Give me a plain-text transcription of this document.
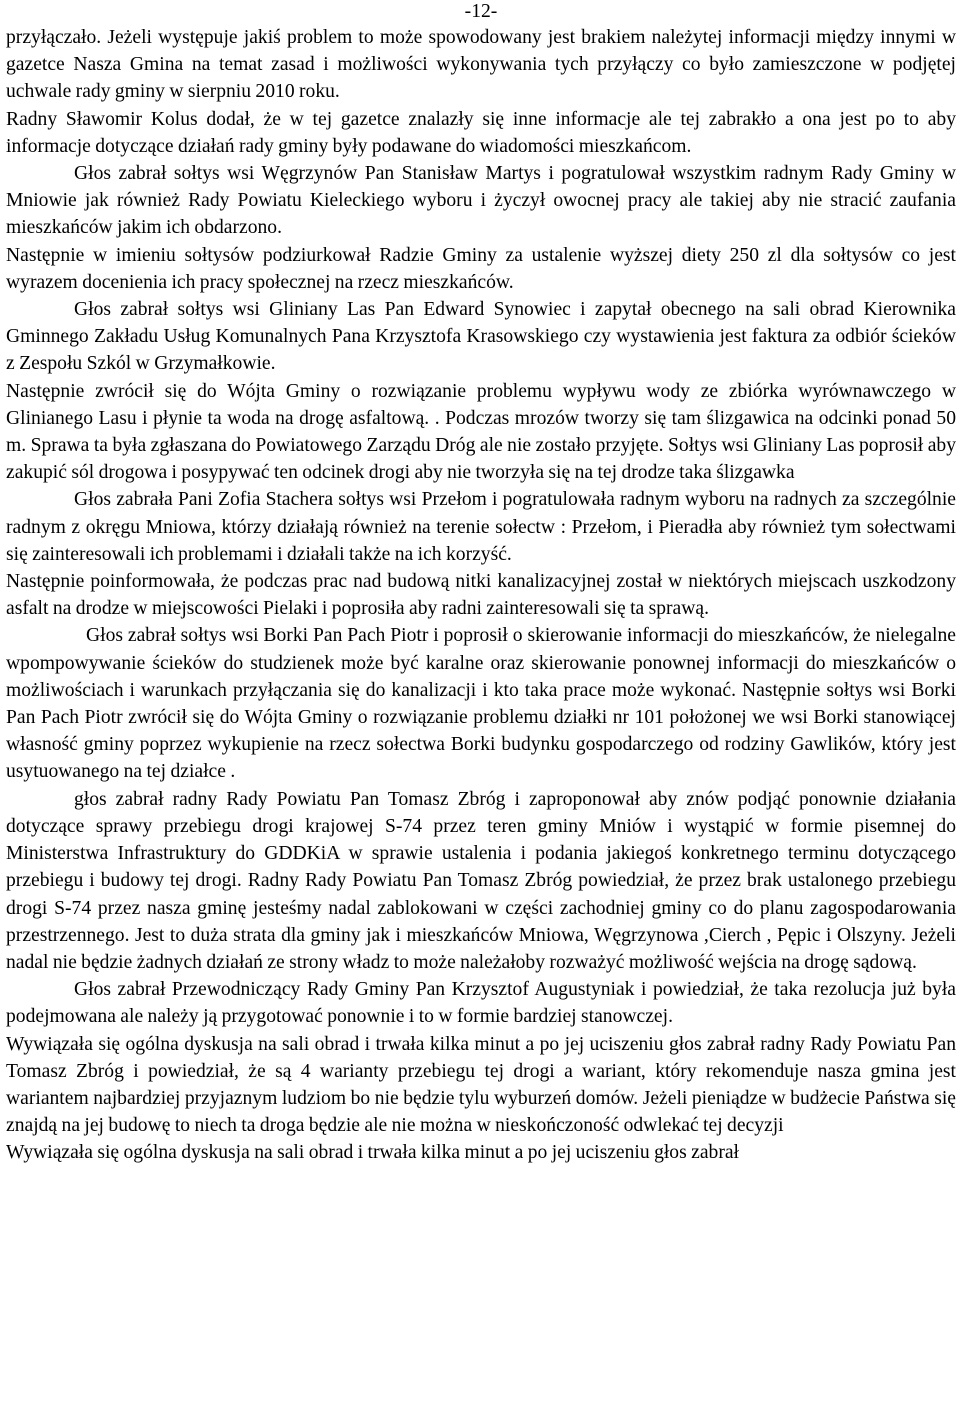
-12-

przyłączało. Jeżeli występuje jakiś problem to może spowodowany jest brakiem należytej informacji między innymi w gazetce Nasza Gmina na temat zasad i możliwości wykonywania tych przyłączy co było zamieszczone w podjętej uchwale rady gminy w sierpniu 2010 roku.

Radny Sławomir Kolus dodał, że w tej gazetce znalazły się inne informacje ale tej zabrakło a ona jest po to aby informacje dotyczące działań rady gminy były podawane do wiadomości mieszkańcom.

Głos zabrał sołtys wsi Węgrzynów Pan Stanisław Martys i pogratulował wszystkim radnym Rady Gminy w Mniowie jak również Rady Powiatu Kieleckiego wyboru i życzył owocnej pracy ale takiej aby nie stracić zaufania mieszkańców jakim ich obdarzono.

Następnie w imieniu sołtysów podziurkował Radzie Gminy za ustalenie wyższej diety 250 zl dla sołtysów co jest wyrazem docenienia ich pracy społecznej na rzecz mieszkańców.

Głos zabrał sołtys wsi Gliniany Las Pan Edward Synowiec i zapytał obecnego na sali obrad Kierownika Gminnego Zakładu Usług Komunalnych Pana Krzysztofa Krasowskiego czy wystawienia jest faktura za odbiór ścieków z Zespołu Szkól w Grzymałkowie.

Następnie zwrócił się do Wójta Gminy o rozwiązanie problemu wypływu wody ze zbiórka wyrównawczego w Glinianego Lasu i płynie ta woda na drogę asfaltową. . Podczas mrozów tworzy się tam ślizgawica na odcinki ponad 50 m. Sprawa ta była zgłaszana do Powiatowego Zarządu Dróg ale nie zostało przyjęte. Sołtys wsi Gliniany Las poprosił aby zakupić sól drogowa i posypywać ten odcinek drogi aby nie tworzyła się na tej drodze taka ślizgawka

Głos zabrała Pani Zofia Stachera sołtys wsi Przełom i pogratulowała radnym wyboru na radnych za szczególnie radnym z okręgu Mniowa, którzy działają również na terenie sołectw : Przełom, i Pieradła aby również tym sołectwami się zainteresowali ich problemami i działali także na ich korzyść.

Następnie poinformowała, że podczas prac nad budową nitki kanalizacyjnej został w niektórych miejscach uszkodzony asfalt na drodze w miejscowości Pielaki i poprosiła aby radni zainteresowali się ta sprawą.

Głos zabrał sołtys wsi Borki Pan Pach Piotr i poprosił o skierowanie informacji do mieszkańców, że nielegalne wpompowywanie ścieków do studzienek może być karalne oraz skierowanie ponownej informacji do mieszkańców o możliwościach i warunkach przyłączania się do kanalizacji i kto taka prace może wykonać. Następnie sołtys wsi Borki Pan Pach Piotr zwrócił się do Wójta Gminy o rozwiązanie problemu działki nr 101 położonej we wsi Borki stanowiącej własność gminy poprzez wykupienie na rzecz sołectwa Borki budynku gospodarczego od rodziny Gawlików, który jest usytuowanego na tej działce .

głos zabrał radny Rady Powiatu Pan Tomasz Zbróg i zaproponował aby znów podjąć ponownie działania dotyczące sprawy przebiegu drogi krajowej S-74 przez teren gminy Mniów i wystąpić w formie pisemnej do Ministerstwa Infrastruktury do GDDKiA w sprawie ustalenia i podania jakiegoś konkretnego terminu dotyczącego przebiegu i budowy tej drogi. Radny Rady Powiatu Pan Tomasz Zbróg powiedział, że przez brak ustalonego przebiegu drogi S-74 przez nasza gminę jesteśmy nadal zablokowani w części zachodniej gminy co do planu zagospodarowania przestrzennego. Jest to duża strata dla gminy jak i mieszkańców Mniowa, Węgrzynowa ,Cierch , Pępic i Olszyny. Jeżeli nadal nie będzie żadnych działań ze strony władz to może należałoby rozważyć możliwość wejścia na drogę sądową.

Głos zabrał Przewodniczący Rady Gminy Pan Krzysztof Augustyniak i powiedział, że taka rezolucja już była podejmowana ale należy ją przygotować ponownie i to w formie bardziej stanowczej.

Wywiązała się ogólna dyskusja na sali obrad i trwała kilka minut a po jej uciszeniu głos zabrał radny Rady Powiatu Pan Tomasz Zbróg i powiedział, że są 4 warianty przebiegu tej drogi a wariant, który rekomenduje nasza gmina jest wariantem najbardziej przyjaznym ludziom bo nie będzie tylu wyburzeń domów. Jeżeli pieniądze w budżecie Państwa się znajdą na jej budowę to niech ta droga będzie ale nie można w nieskończoność odwlekać tej decyzji

Wywiązała się ogólna dyskusja na sali obrad i trwała kilka minut a po jej uciszeniu głos zabrał
